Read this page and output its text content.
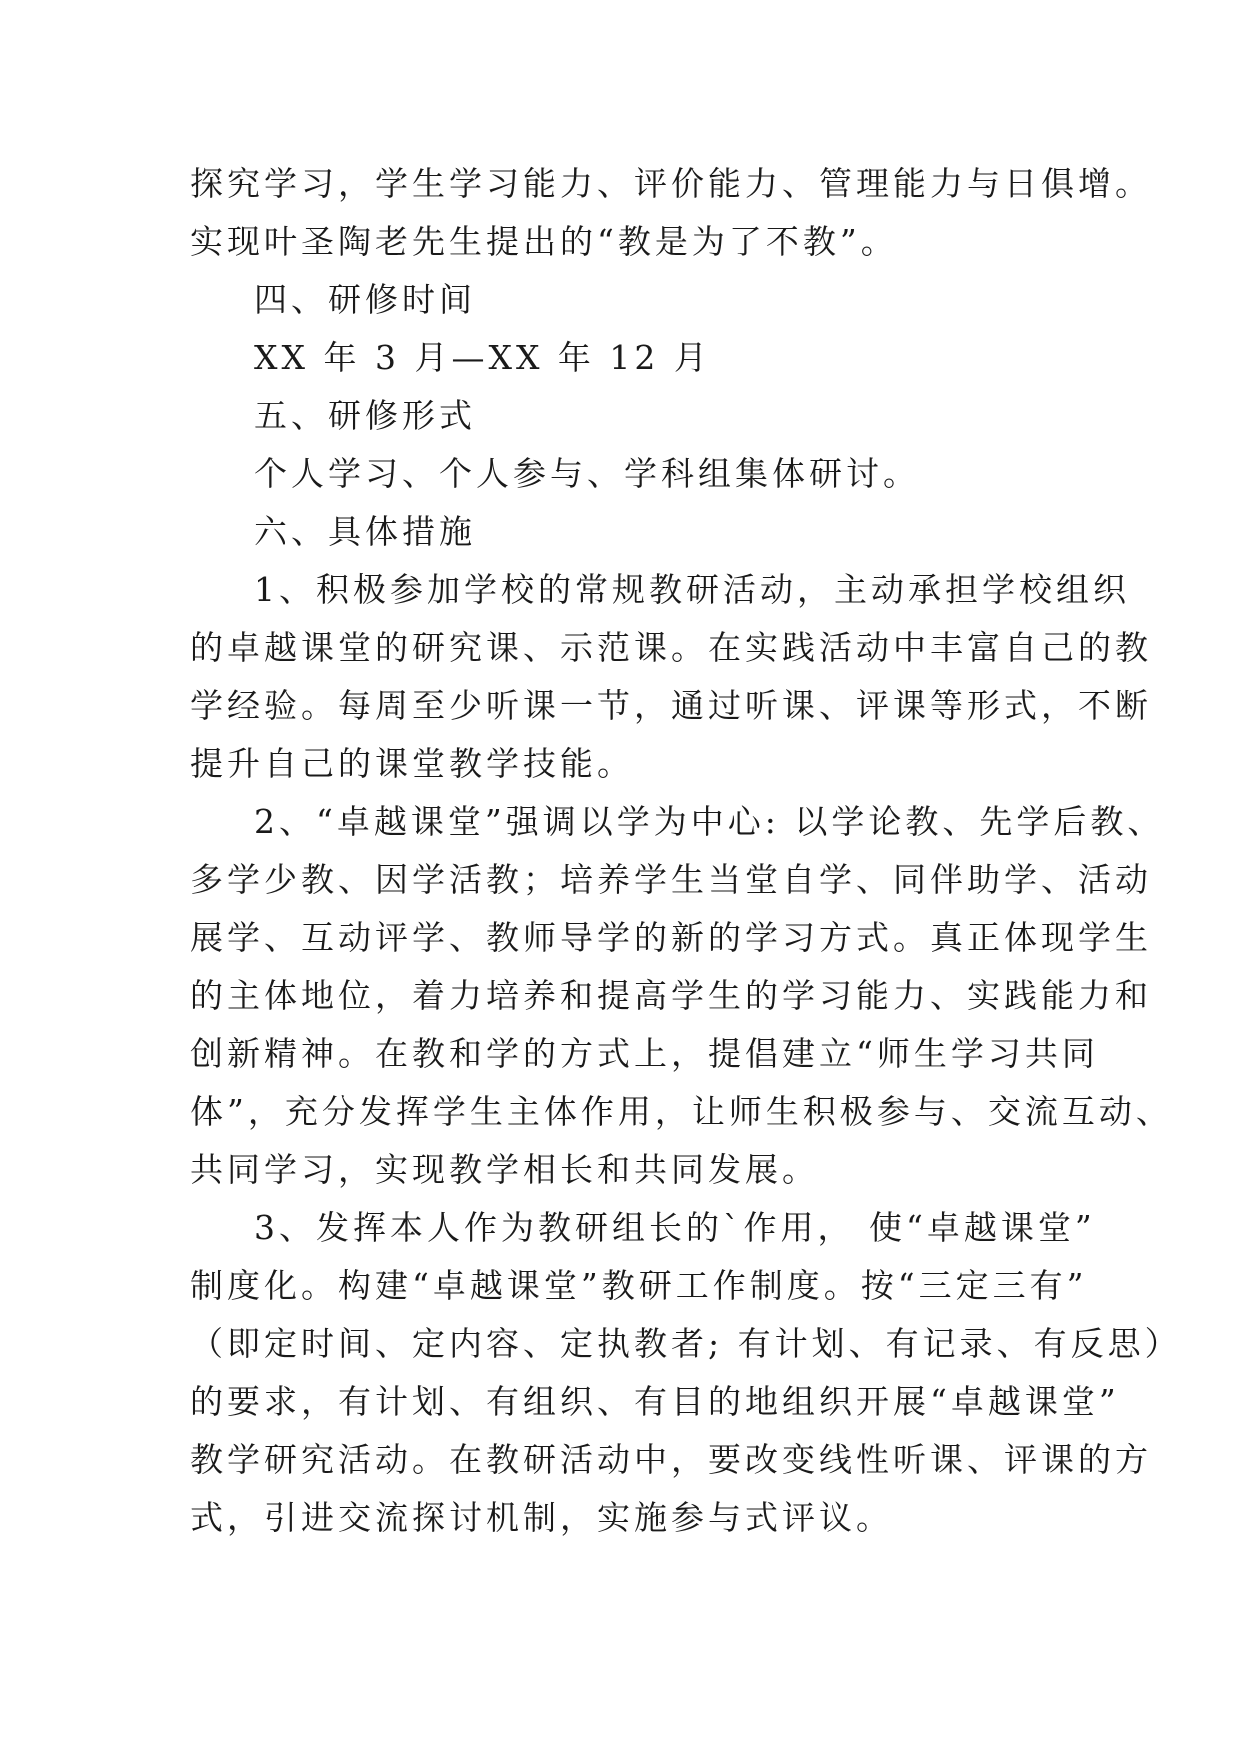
探究学习，学生学习能力、评价能力、管理能力与日俱增。
实现叶圣陶老先生提出的“教是为了不教”。
四、研修时间
XX 年 3 月—XX 年 12 月
五、研修形式
个人学习、个人参与、学科组集体研讨。
六、具体措施
1、积极参加学校的常规教研活动，主动承担学校组织
的卓越课堂的研究课、示范课。在实践活动中丰富自己的教
学经验。每周至少听课一节，通过听课、评课等形式，不断
提升自己的课堂教学技能。
2、“卓越课堂”强调以学为中心: 以学论教、先学后教、
多学少教、因学活教；培养学生当堂自学、同伴助学、活动
展学、互动评学、教师导学的新的学习方式。真正体现学生
的主体地位，着力培养和提高学生的学习能力、实践能力和
创新精神。在教和学的方式上，提倡建立“师生学习共同
体”，充分发挥学生主体作用，让师生积极参与、交流互动、
共同学习，实现教学相长和共同发展。
3、发挥本人作为教研组长的`作用， 使“卓越课堂”
制度化。构建“卓越课堂”教研工作制度。按“三定三有”
（即定时间、定内容、定执教者; 有计划、有记录、有反思）
的要求，有计划、有组织、有目的地组织开展“卓越课堂”
教学研究活动。在教研活动中，要改变线性听课、评课的方
式，引进交流探讨机制，实施参与式评议。
